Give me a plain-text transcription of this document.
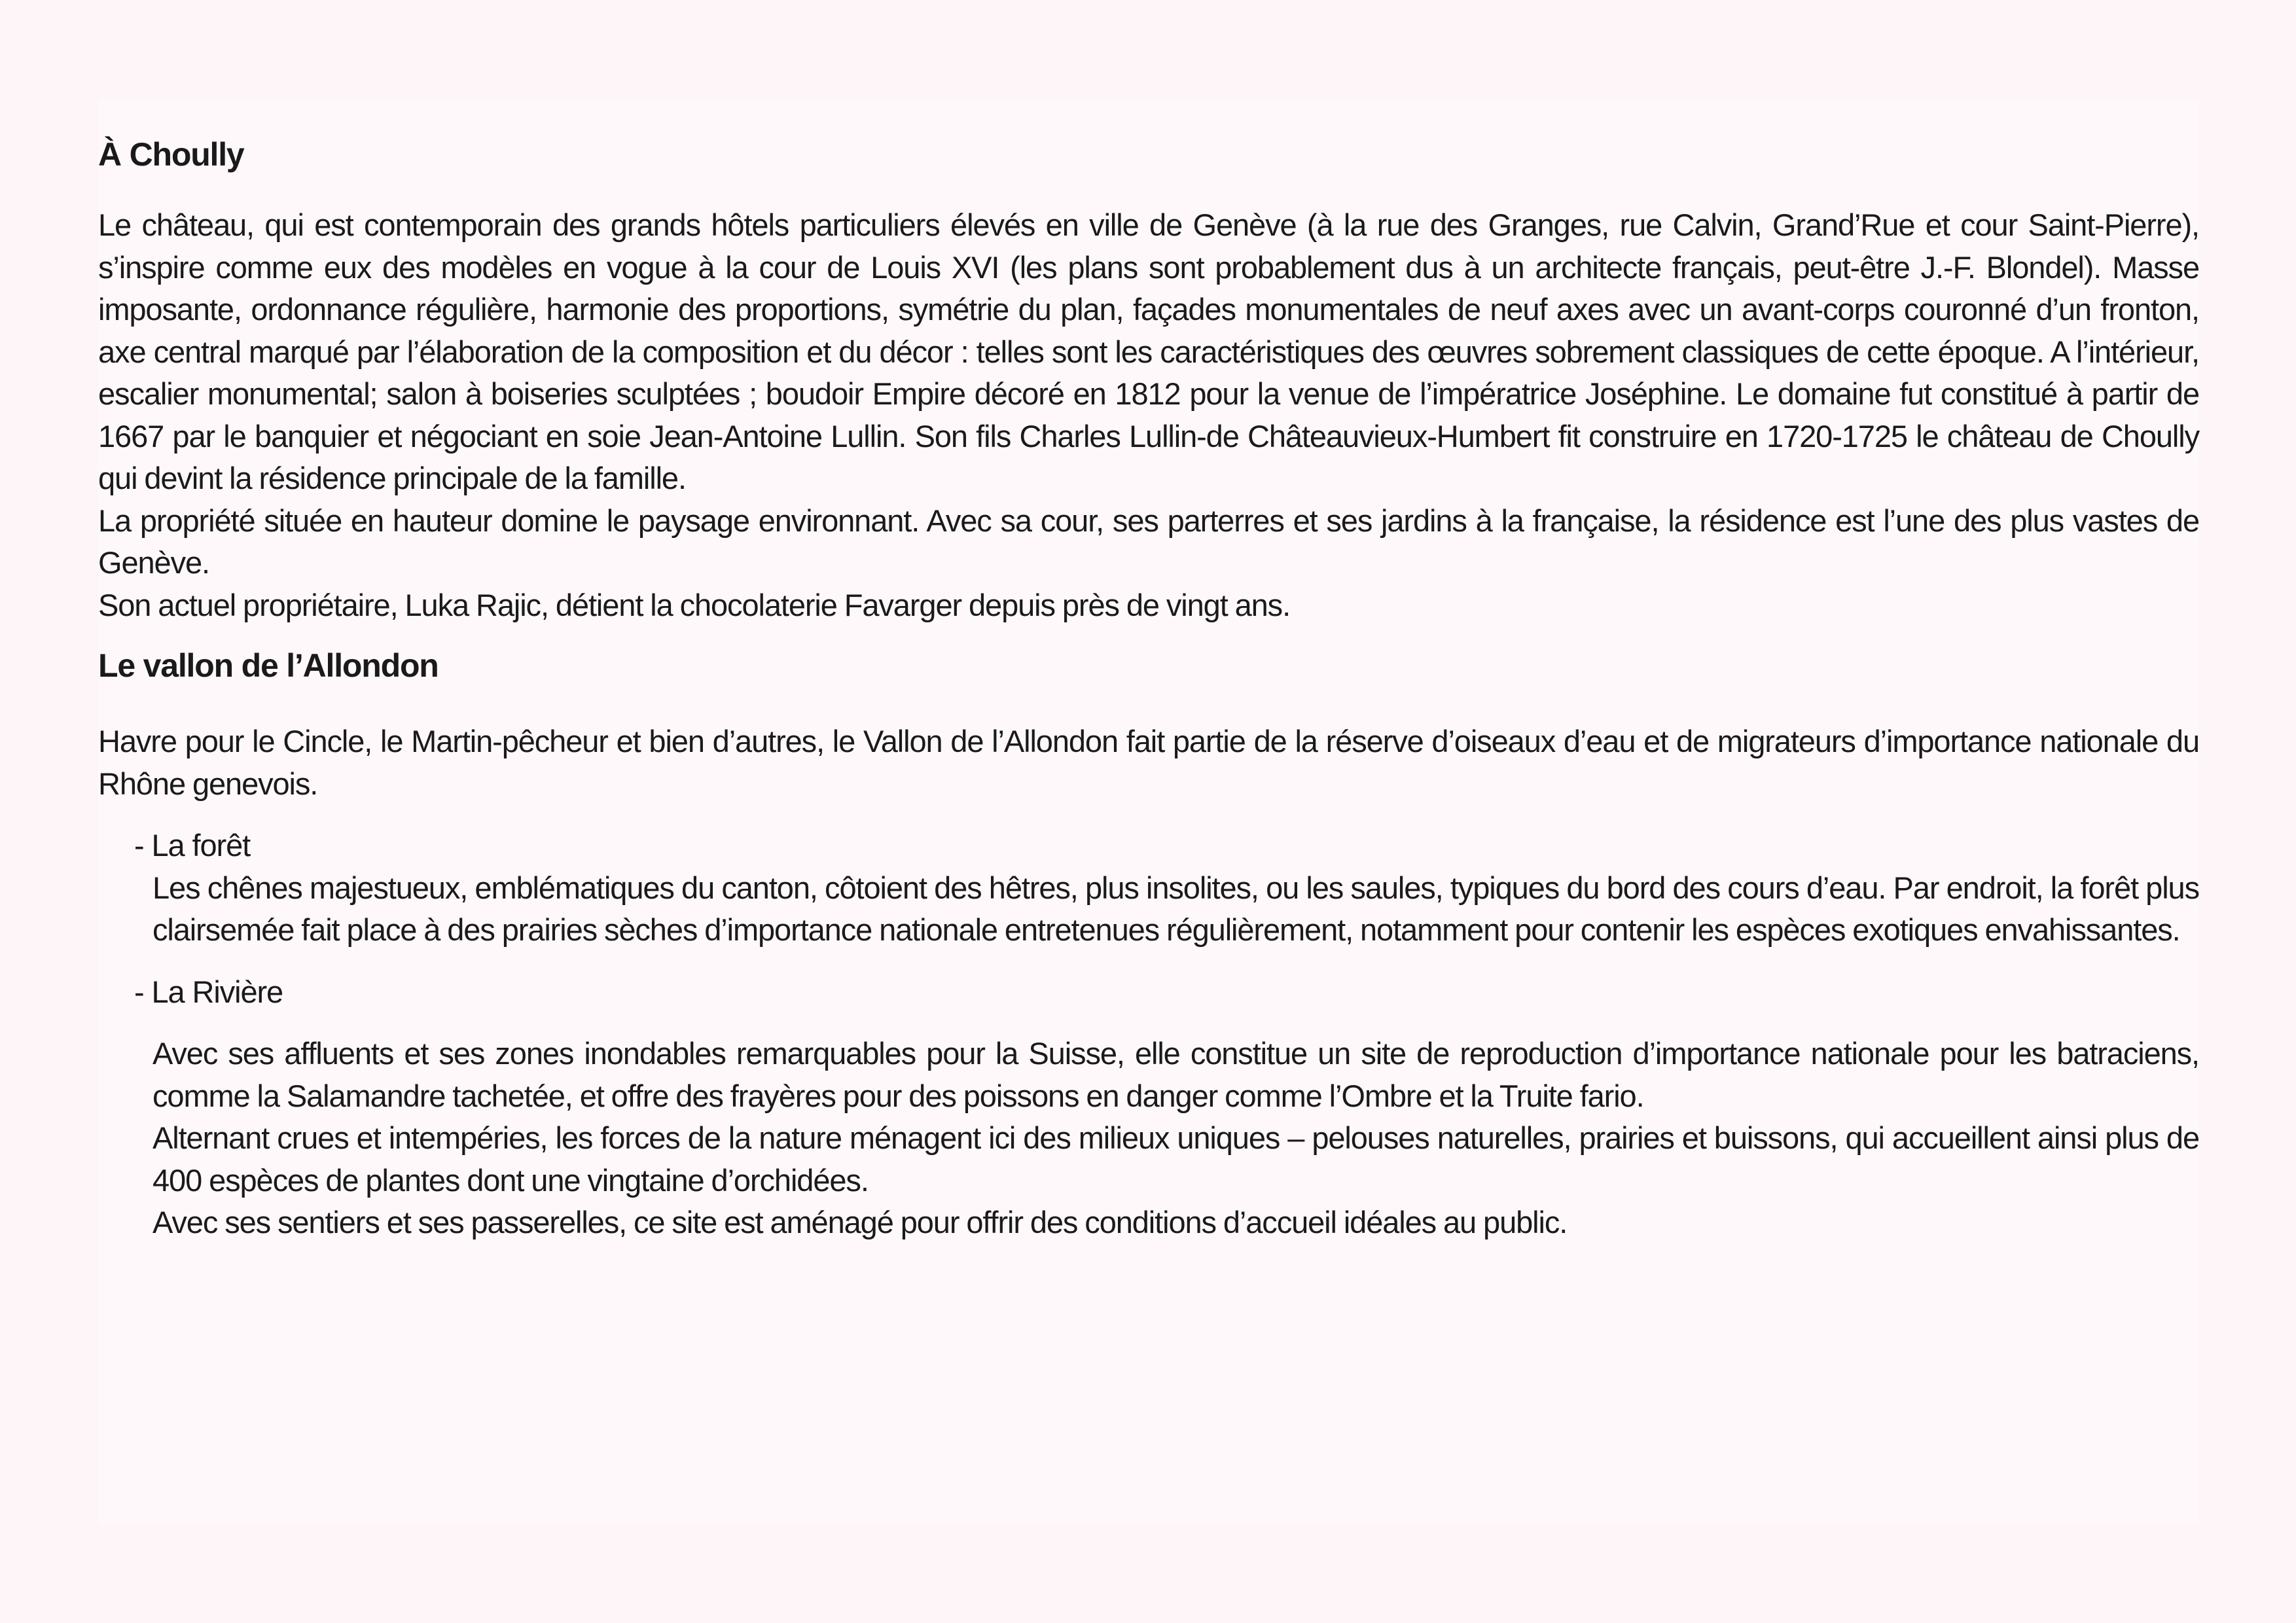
À Choully

Le château, qui est contemporain des grands hôtels particuliers élevés en ville de Genève (à la rue des Granges, rue Calvin, Grand’Rue et cour Saint-Pierre), s’inspire comme eux des modèles en vogue à la cour de Louis XVI (les plans sont probablement dus à un architecte français, peut-être J.-F. Blondel). Masse imposante, ordonnance régulière, harmonie des proportions, symétrie du plan, façades monumentales de neuf axes avec un avant-corps couronné d’un fronton, axe central marqué par l’élaboration de la composition et du décor : telles sont les caractéristiques des œuvres sobrement classiques de cette époque. A l’intérieur, escalier monumental; salon à boiseries sculptées ; boudoir Empire décoré en 1812 pour la venue de l’impératrice Joséphine. Le domaine fut constitué à partir de 1667 par le banquier et négociant en soie Jean-Antoine Lullin. Son fils Charles Lullin-de Châteauvieux-Humbert fit construire en 1720-1725 le château de Choully qui devint la résidence principale de la famille.

La propriété située en hauteur domine le paysage environnant. Avec sa cour, ses parterres et ses jardins à la française, la résidence est l’une des plus vastes de Genève.

Son actuel propriétaire, Luka Rajic, détient la chocolaterie Favarger depuis près de vingt ans.

Le vallon de l’Allondon

Havre pour le Cincle, le Martin-pêcheur et bien d’autres, le Vallon de l’Allondon fait partie de la réserve d’oiseaux d’eau et de migrateurs d’importance nationale du Rhône genevois.

- La forêt

Les chênes majestueux, emblématiques du canton, côtoient des hêtres, plus insolites, ou les saules, typiques du bord des cours d’eau. Par endroit, la forêt plus clairsemée fait place à des prairies sèches d’importance nationale entretenues régulièrement, notamment pour contenir les espèces exotiques envahissantes.

- La Rivière

Avec ses affluents et ses zones inondables remarquables pour la Suisse, elle constitue un site de reproduction d’importance nationale pour les batraciens, comme la Salamandre tachetée, et offre des frayères pour des poissons en danger comme l’Ombre et la Truite fario.

Alternant crues et intempéries, les forces de la nature ménagent ici des milieux uniques – pelouses naturelles, prairies et buissons, qui accueillent ainsi plus de 400 espèces de plantes dont une vingtaine d’orchidées.

Avec ses sentiers et ses passerelles, ce site est aménagé pour offrir des conditions d’accueil idéales au public.
